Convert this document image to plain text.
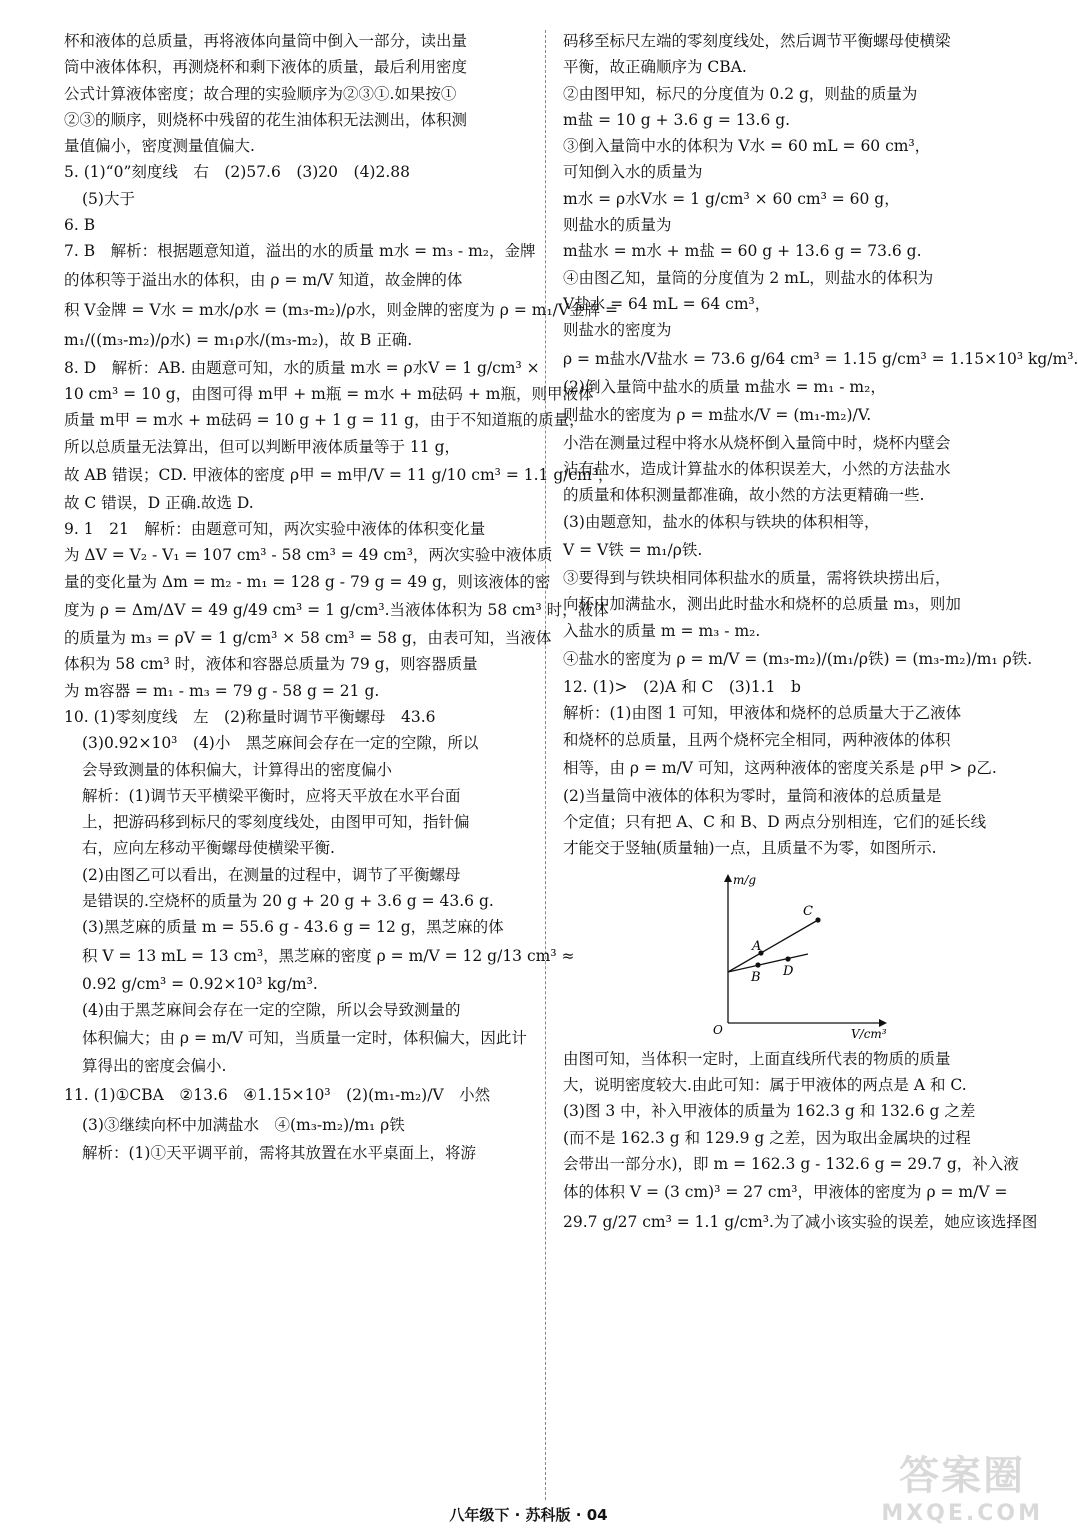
杯和液体的总质量，再将液体向量筒中倒入一部分，读出量
筒中液体体积，再测烧杯和剩下液体的质量，最后利用密度
公式计算液体密度；故合理的实验顺序为②③①.如果按①
②③的顺序，则烧杯中残留的花生油体积无法测出，体积测
量值偏小，密度测量值偏大.
5. (1)“0”刻度线　右　(2)57.6　(3)20　(4)2.88
(5)大于
6. B
7. B　解析：根据题意知道，溢出的水的质量 m水 = m₃ - m₂，金牌
的体积等于溢出水的体积，由 ρ = m/V 知道，故金牌的体
积 V金牌 = V水 = m水/ρ水 = (m₃-m₂)/ρ水，则金牌的密度为 ρ = m₁/V金牌 =
m₁/((m₃-m₂)/ρ水) = m₁ρ水/(m₃-m₂)，故 B 正确.
8. D　解析：AB. 由题意可知，水的质量 m水 = ρ水V = 1 g/cm³ ×
10 cm³ = 10 g，由图可得 m甲 + m瓶 = m水 + m砝码 + m瓶，则甲液体
质量 m甲 = m水 + m砝码 = 10 g + 1 g = 11 g，由于不知道瓶的质量，
所以总质量无法算出，但可以判断甲液体质量等于 11 g，
故 AB 错误；CD. 甲液体的密度 ρ甲 = m甲/V = 11 g/10 cm³ = 1.1 g/cm³，
故 C 错误，D 正确.故选 D.
9. 1　21　解析：由题意可知，两次实验中液体的体积变化量
为 ΔV = V₂ - V₁ = 107 cm³ - 58 cm³ = 49 cm³，两次实验中液体质
量的变化量为 Δm = m₂ - m₁ = 128 g - 79 g = 49 g，则该液体的密
度为 ρ = Δm/ΔV = 49 g/49 cm³ = 1 g/cm³.当液体体积为 58 cm³ 时，液体
的质量为 m₃ = ρV = 1 g/cm³ × 58 cm³ = 58 g，由表可知，当液体
体积为 58 cm³ 时，液体和容器总质量为 79 g，则容器质量
为 m容器 = m₁ - m₃ = 79 g - 58 g = 21 g.
10. (1)零刻度线　左　(2)称量时调节平衡螺母　43.6
(3)0.92×10³　(4)小　黑芝麻间会存在一定的空隙，所以
会导致测量的体积偏大，计算得出的密度偏小
解析：(1)调节天平横梁平衡时，应将天平放在水平台面
上，把游码移到标尺的零刻度线处，由图甲可知，指针偏
右，应向左移动平衡螺母使横梁平衡.
(2)由图乙可以看出，在测量的过程中，调节了平衡螺母
是错误的.空烧杯的质量为 20 g + 20 g + 3.6 g = 43.6 g.
(3)黑芝麻的质量 m = 55.6 g - 43.6 g = 12 g，黑芝麻的体
积 V = 13 mL = 13 cm³，黑芝麻的密度 ρ = m/V = 12 g/13 cm³ ≈
0.92 g/cm³ = 0.92×10³ kg/m³.
(4)由于黑芝麻间会存在一定的空隙，所以会导致测量的
体积偏大；由 ρ = m/V 可知，当质量一定时，体积偏大，因此计
算得出的密度会偏小.
11. (1)①CBA　②13.6　④1.15×10³　(2)(m₁-m₂)/V　小然
(3)③继续向杯中加满盐水　④(m₃-m₂)/m₁ ρ铁
解析：(1)①天平调平前，需将其放置在水平桌面上，将游
码移至标尺左端的零刻度线处，然后调节平衡螺母使横梁
平衡，故正确顺序为 CBA.
②由图甲知，标尺的分度值为 0.2 g，则盐的质量为
m盐 = 10 g + 3.6 g = 13.6 g.
③倒入量筒中水的体积为 V水 = 60 mL = 60 cm³，
可知倒入水的质量为
m水 = ρ水V水 = 1 g/cm³ × 60 cm³ = 60 g，
则盐水的质量为
m盐水 = m水 + m盐 = 60 g + 13.6 g = 73.6 g.
④由图乙知，量筒的分度值为 2 mL，则盐水的体积为
V盐水 = 64 mL = 64 cm³，
则盐水的密度为
ρ = m盐水/V盐水 = 73.6 g/64 cm³ = 1.15 g/cm³ = 1.15×10³ kg/m³.
(2)倒入量筒中盐水的质量 m盐水 = m₁ - m₂，
则盐水的密度为 ρ = m盐水/V = (m₁-m₂)/V.
小浩在测量过程中将水从烧杯倒入量筒中时，烧杯内壁会
沾有盐水，造成计算盐水的体积误差大，小然的方法盐水
的质量和体积测量都准确，故小然的方法更精确一些.
(3)由题意知，盐水的体积与铁块的体积相等，
V = V铁 = m₁/ρ铁.
③要得到与铁块相同体积盐水的质量，需将铁块捞出后，
向杯中加满盐水，测出此时盐水和烧杯的总质量 m₃，则加
入盐水的质量 m = m₃ - m₂.
④盐水的密度为 ρ = m/V = (m₃-m₂)/(m₁/ρ铁) = (m₃-m₂)/m₁ ρ铁.
12. (1)>　(2)A 和 C　(3)1.1　b
解析：(1)由图 1 可知，甲液体和烧杯的总质量大于乙液体
和烧杯的总质量，且两个烧杯完全相同，两种液体的体积
相等，由 ρ = m/V 可知，这两种液体的密度关系是 ρ甲 > ρ乙.
(2)当量筒中液体的体积为零时，量筒和液体的总质量是
个定值；只有把 A、C 和 B、D 两点分别相连，它们的延长线
才能交于竖轴(质量轴)一点，且质量不为零，如图所示.
m/g
V/cm³
O
A
B
C
D
由图可知，当体积一定时，上面直线所代表的物质的质量
大，说明密度较大.由此可知：属于甲液体的两点是 A 和 C.
(3)图 3 中，补入甲液体的质量为 162.3 g 和 132.6 g 之差
(而不是 162.3 g 和 129.9 g 之差，因为取出金属块的过程
会带出一部分水)，即 m = 162.3 g - 132.6 g = 29.7 g，补入液
体的体积 V = (3 cm)³ = 27 cm³，甲液体的密度为 ρ = m/V =
29.7 g/27 cm³ = 1.1 g/cm³.为了减小该实验的误差，她应该选择图
八年级下 · 苏科版 · 04
答案圈
MXQE.COM
